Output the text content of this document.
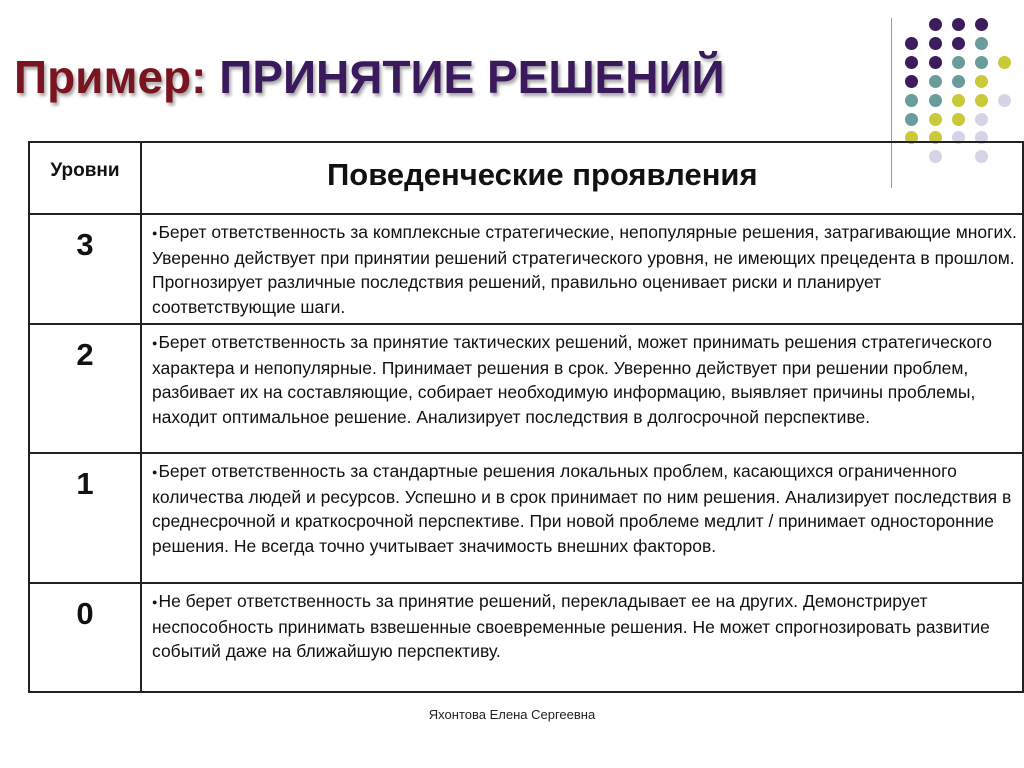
Пример: ПРИНЯТИЕ РЕШЕНИЙ
Уровни	Поведенческие проявления
3	●Берет ответственность за комплексные стратегические, непопулярные решения, затрагивающие многих. Уверенно действует при принятии решений стратегического уровня, не имеющих прецедента в прошлом. Прогнозирует различные последствия решений, правильно оценивает риски и планирует соответствующие шаги.
2	●Берет ответственность за принятие тактических решений, может принимать решения стратегического характера и непопулярные. Принимает решения в срок. Уверенно действует при решении проблем, разбивает их на составляющие, собирает необходимую информацию, выявляет причины проблемы, находит оптимальное решение. Анализирует последствия в долгосрочной перспективе.
1	●Берет ответственность за стандартные решения локальных проблем, касающихся ограниченного количества людей и ресурсов. Успешно и в срок принимает по ним решения. Анализирует последствия в среднесрочной и краткосрочной перспективе. При новой проблеме медлит / принимает односторонние решения. Не всегда точно учитывает значимость внешних факторов.
0	●Не берет ответственность за принятие решений, перекладывает ее на других. Демонстрирует неспособность принимать взвешенные своевременные решения. Не может спрогнозировать развитие событий даже на ближайшую перспективу.
Яхонтова Елена Сергеевна
